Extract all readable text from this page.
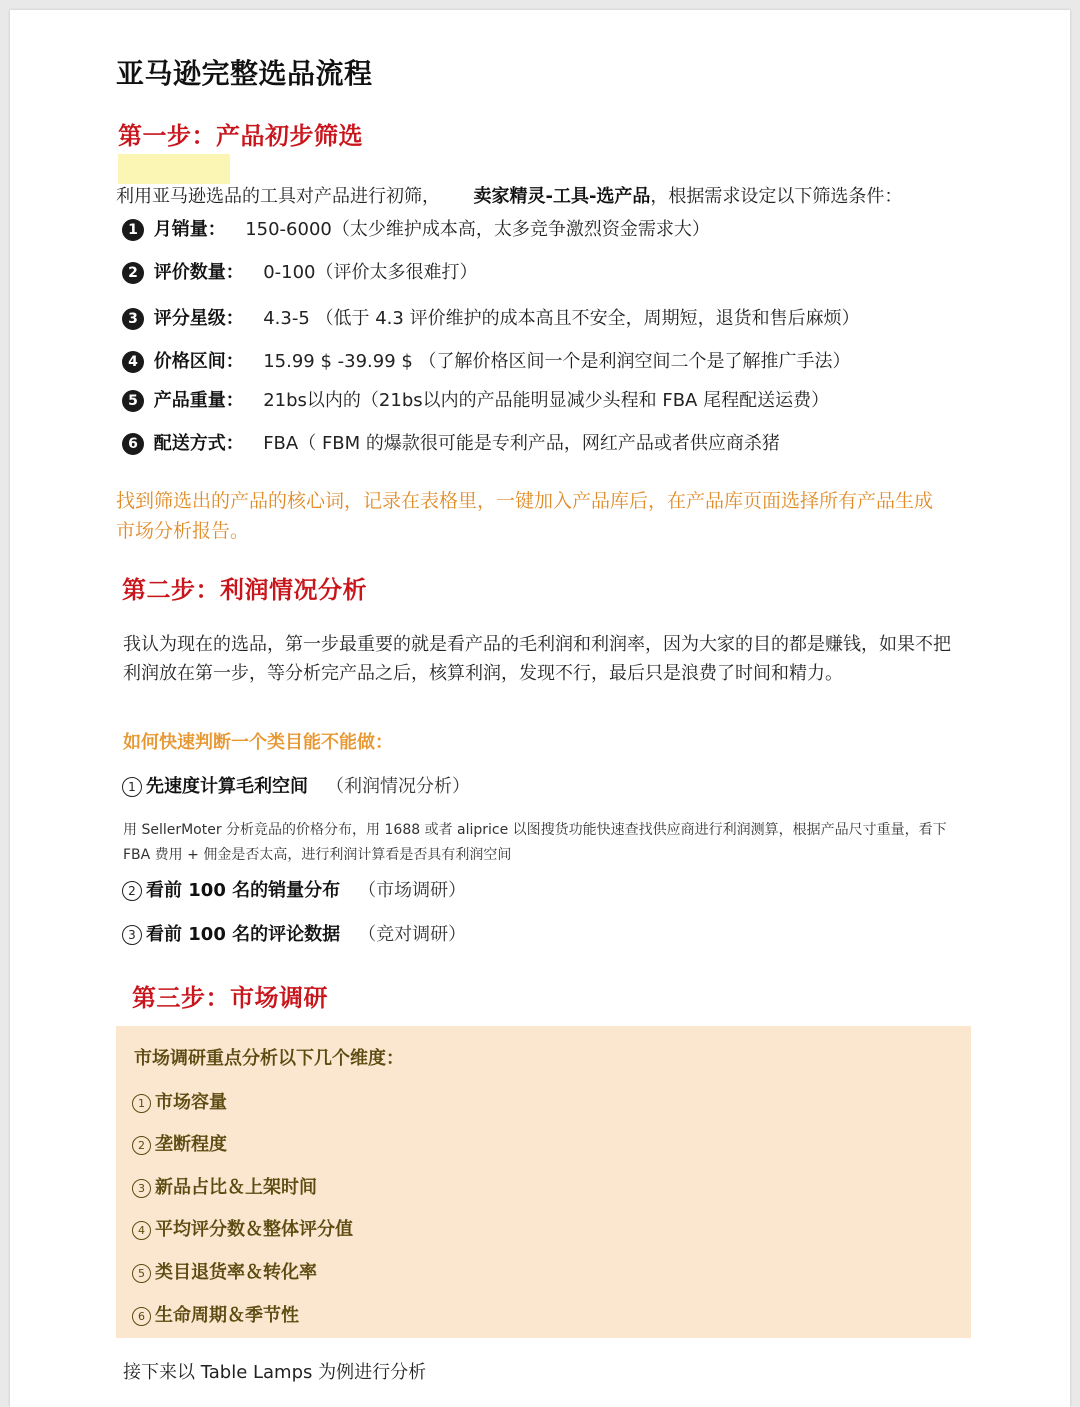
亚马逊完整选品流程
第一步：产品初步筛选
利用亚马逊选品的工具对产品进行初筛， 卖家精灵-工具-选产品，根据需求设定以下筛选条件：
1 月销量： 150-6000（太少维护成本高，太多竞争激烈资金需求大）
2 评价数量： 0-100（评价太多很难打）
3 评分星级： 4.3-5 （低于 4.3 评价维护的成本高且不安全，周期短，退货和售后麻烦）
4 价格区间： 15.99 $ -39.99 $ （了解价格区间一个是利润空间二个是了解推广手法）
5 产品重量： 21bs以内的（21bs以内的产品能明显减少头程和 FBA 尾程配送运费）
6 配送方式： FBA（ FBM 的爆款很可能是专利产品，网红产品或者供应商杀猪
找到筛选出的产品的核心词，记录在表格里，一键加入产品库后，在产品库页面选择所有产品生成市场分析报告。
第二步：利润情况分析
我认为现在的选品，第一步最重要的就是看产品的毛利润和利润率，因为大家的目的都是赚钱，如果不把利润放在第一步，等分析完产品之后，核算利润，发现不行，最后只是浪费了时间和精力。
如何快速判断一个类目能不能做：
1 先速度计算毛利空间 （利润情况分析）
用 SellerMoter 分析竞品的价格分布，用 1688 或者 aliprice 以图搜货功能快速查找供应商进行利润测算，根据产品尺寸重量，看下 FBA 费用 + 佣金是否太高，进行利润计算看是否具有利润空间
2 看前 100 名的销量分布 （市场调研）
3 看前 100 名的评论数据 （竞对调研）
第三步：市场调研
市场调研重点分析以下几个维度：
1 市场容量
2 垄断程度
3 新品占比＆上架时间
4 平均评分数＆整体评分值
5 类目退货率＆转化率
6 生命周期＆季节性
接下来以 Table Lamps 为例进行分析
